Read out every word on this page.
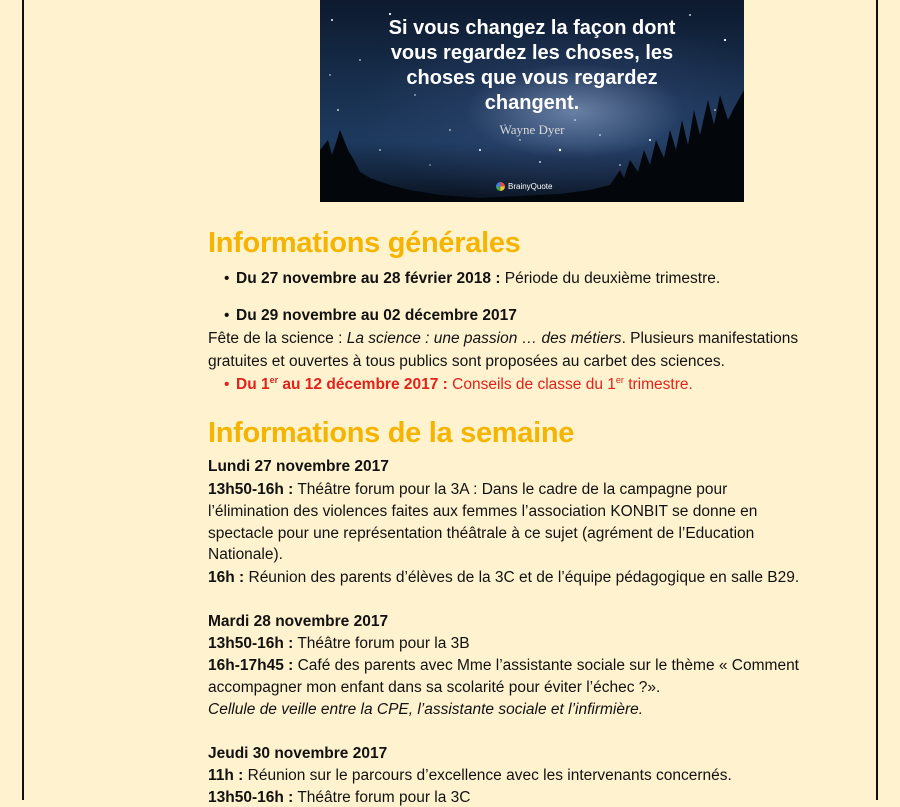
Si vous changez la façon dont
vous regardez les choses, les
choses que vous regardez
changent.
Wayne Dyer
BrainyQuote
Informations générales
• Du 27 novembre au 28 février 2018 : Période du deuxième trimestre.
• Du 29 novembre au 02 décembre 2017

Fête de la science : La science : une passion … des métiers. Plusieurs manifestations

gratuites et ouvertes à tous publics sont proposées au carbet des sciences.

• Du 1er au 12 décembre 2017 : Conseils de classe du 1er trimestre.
Informations de la semaine

Lundi 27 novembre 2017

13h50-16h : Théâtre forum pour la 3A : Dans le cadre de la campagne pour

l’élimination des violences faites aux femmes l’association KONBIT se donne en

spectacle pour une représentation théâtrale à ce sujet (agrément de l’Education

Nationale).

16h : Réunion des parents d’élèves de la 3C et de l’équipe pédagogique en salle B29.

Mardi 28 novembre 2017

13h50-16h : Théâtre forum pour la 3B

16h-17h45 : Café des parents avec Mme l’assistante sociale sur le thème « Comment

accompagner mon enfant dans sa scolarité pour éviter l’échec ?».

Cellule de veille entre la CPE, l’assistante sociale et l’infirmière.

Jeudi 30 novembre 2017

11h : Réunion sur le parcours d’excellence avec les intervenants concernés.

13h50-16h : Théâtre forum pour la 3C
